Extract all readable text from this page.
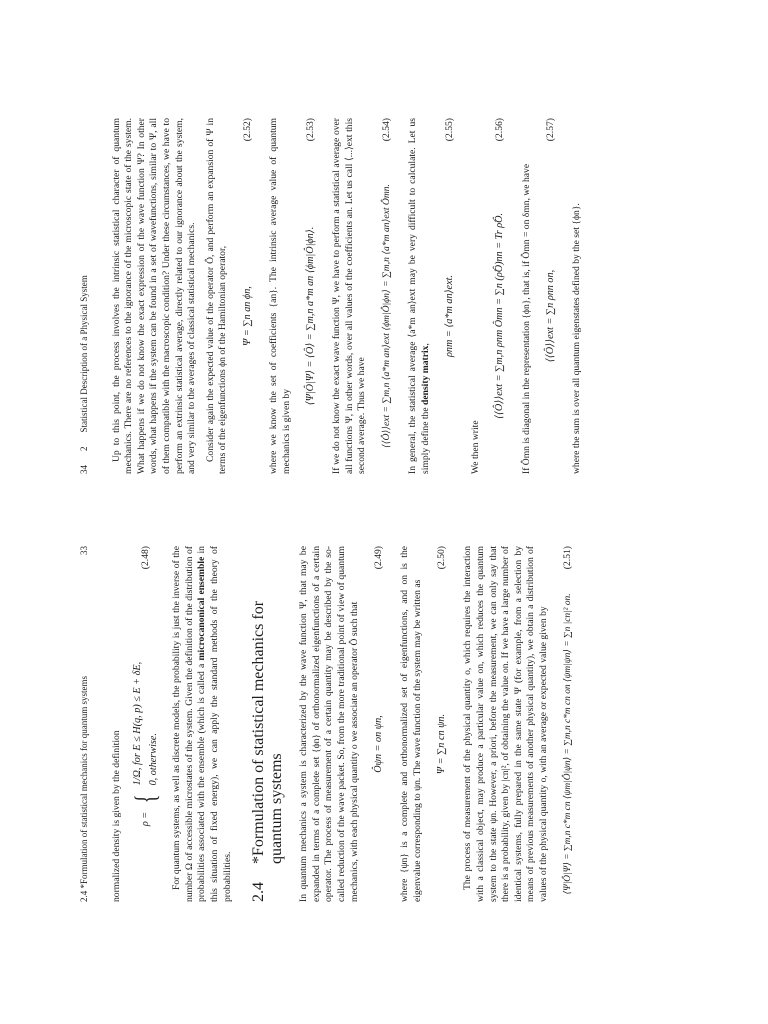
2.4 *Formulation of statistical mechanics for quantum systems
33

normalized density is given by the definition ρ =
{
1/Ω, for E ≤ H(q, p) ≤ E + δE, 0, otherwise.
(2.48) For quantum systems, as well as discrete models, the probability is just the inverse of the number Ω of accessible microstates of the system. Given the definition of the distribution of probabilities associated with the ensemble (which is called a microcanonical ensemble in this situation of fixed energy), we can apply the standard methods of the theory of probabilities. 2.4
*Formulation of statistical mechanics for quantum systems In quantum mechanics a system is characterized by the wave function Ψ, that may be expanded in terms of a complete set {ϕn} of orthonormalized eigenfunctions of a certain operator. The process of measurement of a certain quantity may be described by the so-called reduction of the wave packet. So, from the more traditional point of view of quantum mechanics, with each physical quantity o we associate an operator Ô such that Ôψn = on ψn,
(2.49) where {ψn} is a complete and orthonormalized set of eigenfunctions, and on is the eigenvalue corresponding to ψn. The wave function of the system may be written as Ψ = ∑n cn ψn.
(2.50) The process of measurement of the physical quantity o, which requires the interaction with a classical object, may produce a particular value on, which reduces the quantum system to the state ψn. However, a priori, before the measurement, we can only say that there is a probability, given by |cn|², of obtaining the value on. If we have a large number of identical systems, fully prepared in the same state Ψ (for example, from a selection by means of previous measurements of another physical quantity), we obtain a distribution of values of the physical quantity o, with an average or expected value given by ⟨Ψ|Ô|Ψ⟩ = ∑m,n c*m cn ⟨ψm|Ô|ψn⟩ = ∑m,n c*m cn on ⟨ψm|ψn⟩ = ∑n |cn|² on.
(2.51)
34
2
Statistical Description of a Physical System Up to this point, the process involves the intrinsic statistical character of quantum mechanics. There are no references to the ignorance of the microscopic state of the system. What happens if we do not know the exact expression of the wave function Ψ? In other words, what happens if the system can be found in a set of wavefunctions, similar to Ψ, all of them compatible with the macroscopic condition? Under these circumstances, we have to perform an extrinsic statistical average, directly related to our ignorance about the system, and very similar to the averages of classical statistical mechanics. Consider again the expected value of the operator Ô, and perform an expansion of Ψ in terms of the eigenfunctions ϕn of the Hamiltonian operator, Ψ = ∑n an ϕn,
(2.52) where we know the set of coefficients {an}. The intrinsic average value of quantum mechanics is given by

⟨Ψ|Ô|Ψ⟩ = ⟨Ô⟩ = ∑m,n a*m an ⟨ϕm|Ô|ϕn⟩.
(2.53) If we do not know the exact wave function Ψ, we have to perform a statistical average over all functions Ψ, in other words, over all values of the coefficients an. Let us call ⟨...⟩ext this second average. Thus we have ⟨⟨Ô⟩⟩ext = ∑m,n ⟨a*m an⟩ext ⟨ϕm|Ô|ϕn⟩ = ∑m,n ⟨a*m an⟩ext Ômn.
(2.54) In general, the statistical average ⟨a*m an⟩ext may be very difficult to calculate. Let us simply define the density matrix, ρnm = ⟨a*m an⟩ext.
(2.55)

We then write

⟨⟨Ô⟩⟩ext = ∑m,n ρnm Ômn = ∑n (ρ̂Ô)nn = Tr ρ̂Ô.
(2.56)

If Ômn is diagonal in the representation {ϕn}, that is, if Ômn = on δmn, we have ⟨⟨Ô⟩⟩ext = ∑n ρnn on,
(2.57)

where the sum is over all quantum eigenstates defined by the set {ϕn}.
